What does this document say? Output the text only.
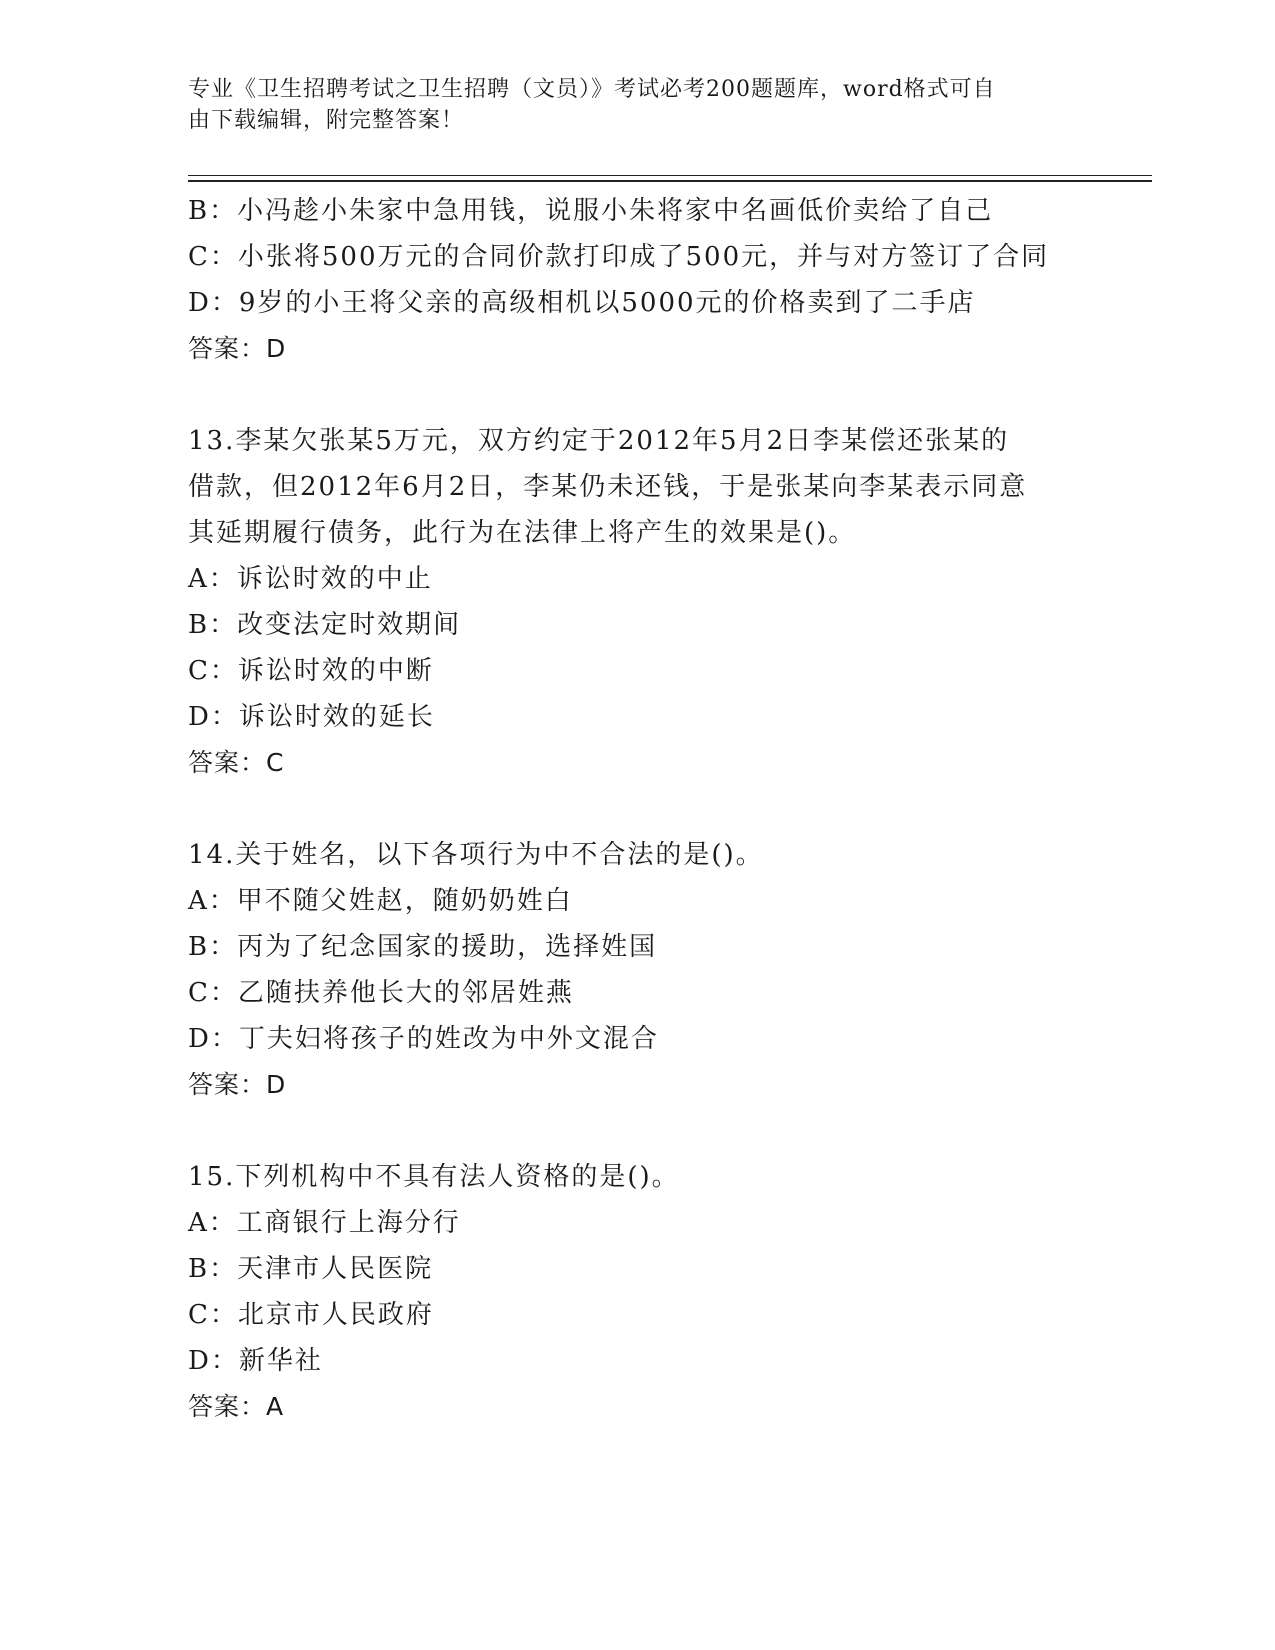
专业《卫生招聘考试之卫生招聘（文员）》考试必考200题题库，word格式可自
由下载编辑，附完整答案！
B：小冯趁小朱家中急用钱，说服小朱将家中名画低价卖给了自己
C：小张将500万元的合同价款打印成了500元，并与对方签订了合同
D：9岁的小王将父亲的高级相机以5000元的价格卖到了二手店
答案：D
13.李某欠张某5万元，双方约定于2012年5月2日李某偿还张某的
借款，但2012年6月2日，李某仍未还钱，于是张某向李某表示同意
其延期履行债务，此行为在法律上将产生的效果是()。
A：诉讼时效的中止
B：改变法定时效期间
C：诉讼时效的中断
D：诉讼时效的延长
答案：C
14.关于姓名，以下各项行为中不合法的是()。
A：甲不随父姓赵，随奶奶姓白
B：丙为了纪念国家的援助，选择姓国
C：乙随扶养他长大的邻居姓燕
D：丁夫妇将孩子的姓改为中外文混合
答案：D
15.下列机构中不具有法人资格的是()。
A：工商银行上海分行
B：天津市人民医院
C：北京市人民政府
D：新华社
答案：A
